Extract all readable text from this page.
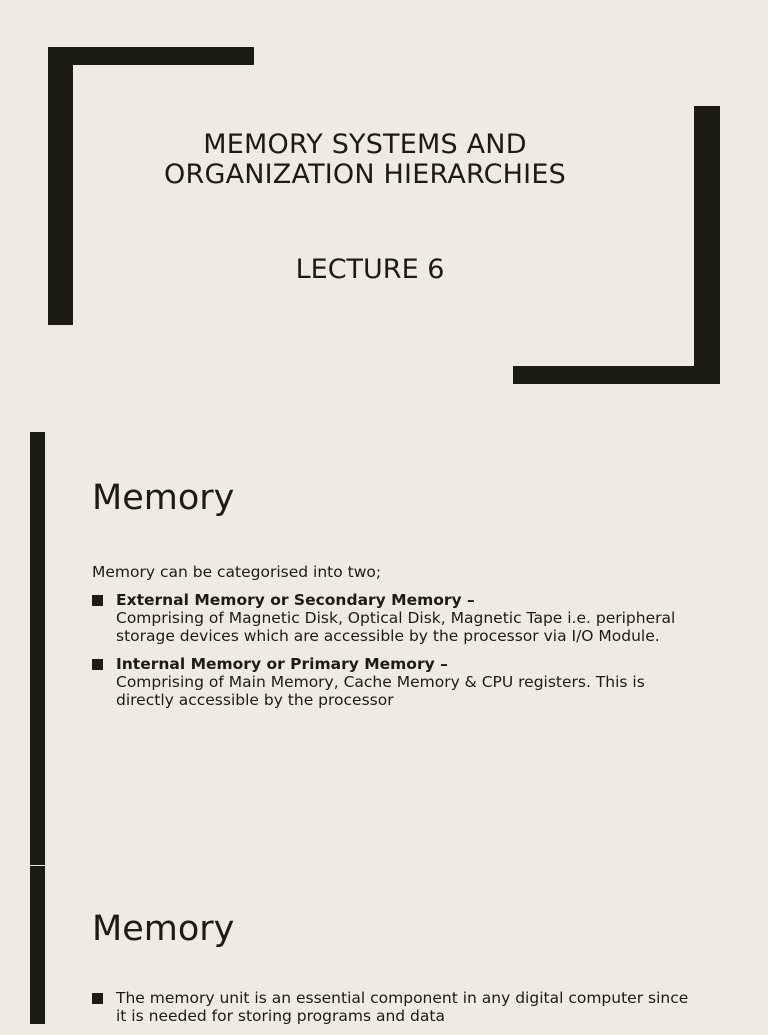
MEMORY SYSTEMS AND
ORGANIZATION HIERARCHIES
LECTURE 6
Memory
Memory can be categorised into two;
External Memory or Secondary Memory –
Comprising of Magnetic Disk, Optical Disk, Magnetic Tape i.e. peripheral storage devices which are accessible by the processor via I/O Module.
Internal Memory or Primary Memory –
Comprising of Main Memory, Cache Memory & CPU registers. This is directly accessible by the processor
Memory
The memory unit is an essential component in any digital computer since it is needed for storing programs and data
